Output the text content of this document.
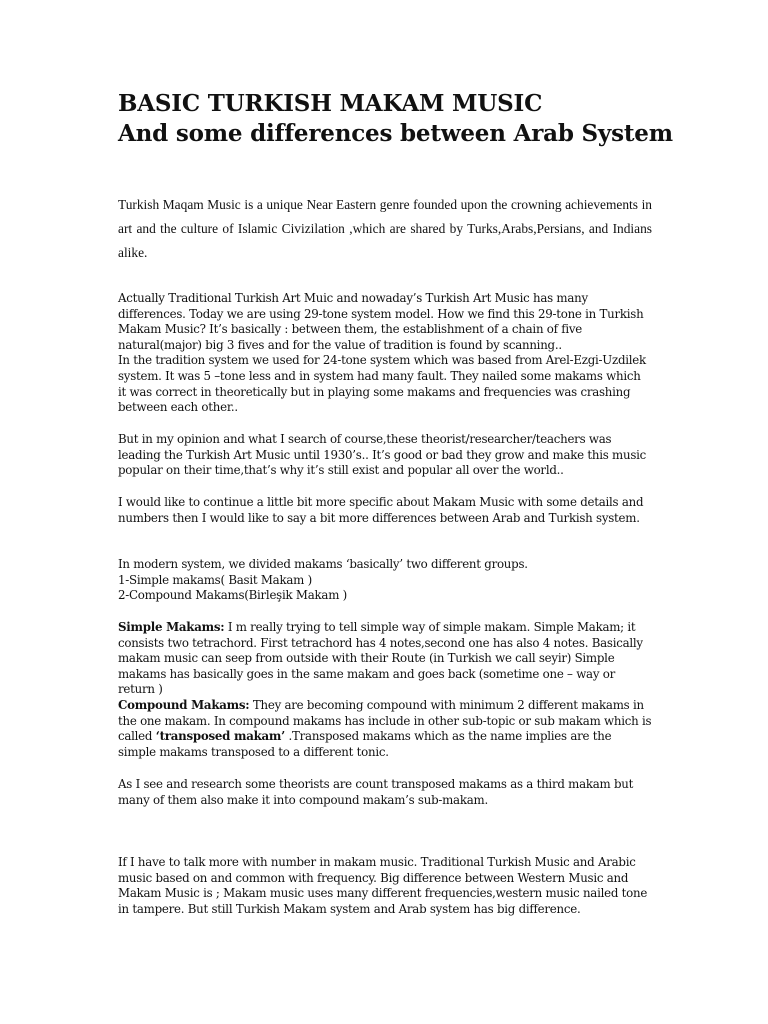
BASIC TURKISH MAKAM MUSIC
And some differences between Arab System
Turkish Maqam Music is a unique Near Eastern genre founded upon the crowning achievements in art and the culture of Islamic Civizilation ,which are shared by Turks,Arabs,Persians, and Indians alike.

Actually Traditional Turkish Art Muic and nowaday’s Turkish Art Music has many differences. Today we are using 29-tone system model. How we find this 29-tone in Turkish Makam Music? It’s basically : between them, the establishment of a chain of five natural(major) big 3 fives and for the value of tradition is found by scanning..

In the tradition system we used for 24-tone system which was based from Arel-Ezgi-Uzdilek system. It was 5 –tone less and in system had many fault. They nailed some makams which it was correct in theoretically but in playing some makams and frequencies was crashing between each other..

But in my opinion and what I search of course,these theorist/researcher/teachers was leading the Turkish Art Music until 1930’s.. It’s good or bad they grow and make this music popular on their time,that’s why it’s still exist and popular all over the world..
I would like to continue a little bit more specific about Makam Music with some details and numbers then I would like to say a bit more differences between Arab and Turkish system.

In modern system, we divided makams ‘basically’ two different groups.

1-Simple makams( Basit Makam )

2-Compound Makams(Birleşik Makam )

Simple Makams: I m really trying to tell simple way of simple makam. Simple Makam; it consists two tetrachord. First tetrachord has 4 notes,second one has also 4 notes. Basically makam music can seep from outside with their Route (in Turkish we call seyir) Simple makams has basically goes in the same makam and goes back (sometime one – way or return )

Compound Makams: They are becoming compound with minimum 2 different makams in the one makam. In compound makams has include in other sub-topic or sub makam which is called ‘transposed makam’ .Transposed makams which as the name implies are the simple makams transposed to a different tonic.

As I see and research some theorists are count transposed makams as a third makam but many of them also make it into compound makam’s sub-makam.
If I have to talk more with number in makam music. Traditional Turkish Music and Arabic music based on and common with frequency. Big difference between Western Music and Makam Music is ; Makam music uses many different frequencies,western music nailed tone in tampere. But still Turkish Makam system and Arab system has big difference.
